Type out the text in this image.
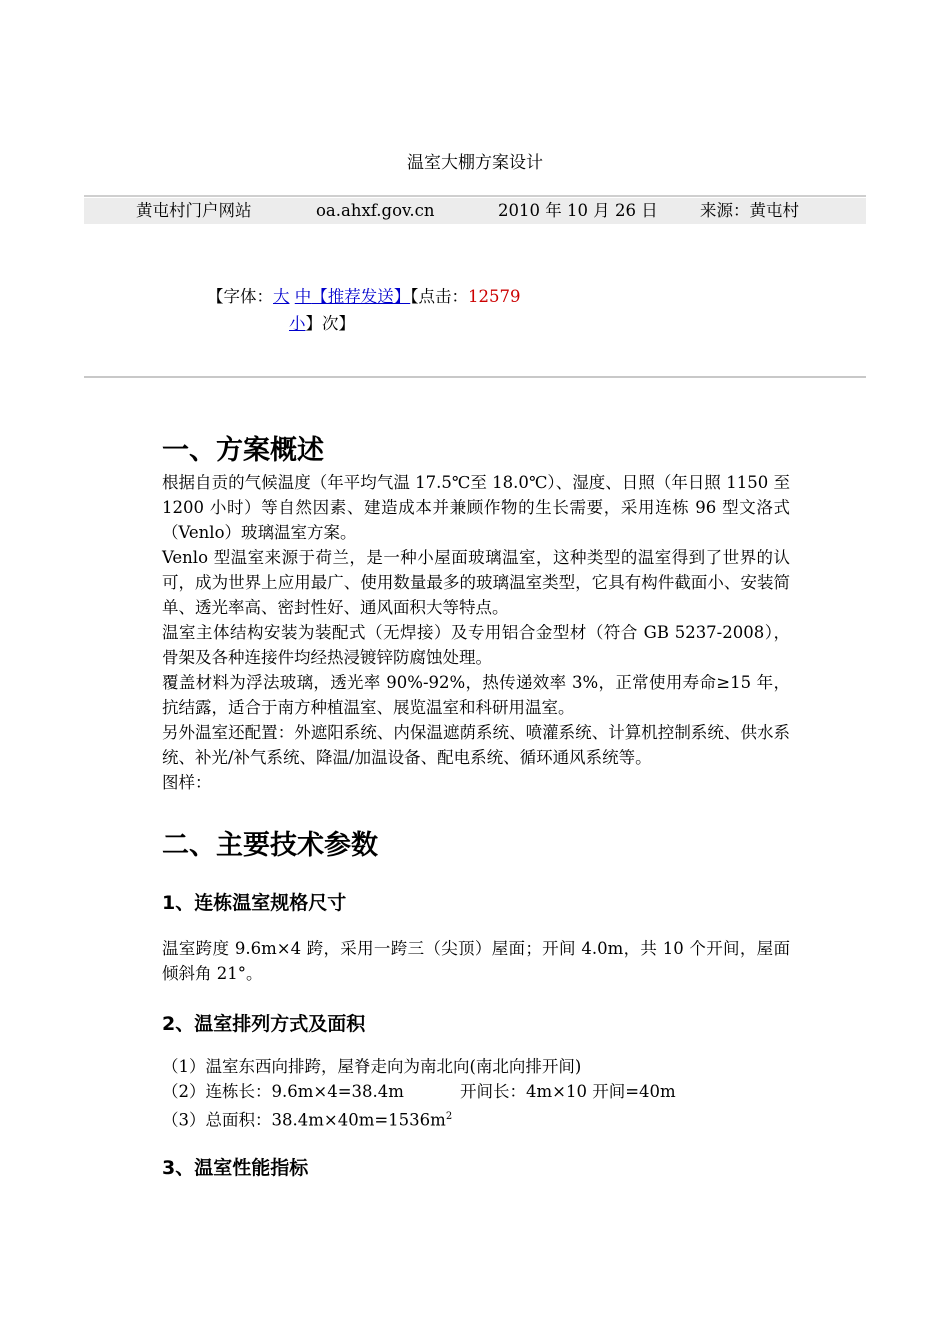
温室大棚方案设计
黄屯村门户网站	oa.ahxf.gov.cn	2010 年 10 月 26 日	来源：黄屯村
【字体：大 中【推荐发送】【点击：12579
小】次】
一、方案概述

根据自贡的气候温度（年平均气温 17.5℃至 18.0℃）、湿度、日照（年日照 1150 至 1200 小时）等自然因素、建造成本并兼顾作物的生长需要，采用连栋 96 型文洛式（Venlo）玻璃温室方案。

Venlo 型温室来源于荷兰，是一种小屋面玻璃温室，这种类型的温室得到了世界的认可，成为世界上应用最广、使用数量最多的玻璃温室类型，它具有构件截面小、安装简单、透光率高、密封性好、通风面积大等特点。

温室主体结构安装为装配式（无焊接）及专用铝合金型材（符合 GB 5237-2008），骨架及各种连接件均经热浸镀锌防腐蚀处理。

覆盖材料为浮法玻璃，透光率 90%-92%，热传递效率 3%，正常使用寿命≥15 年，抗结露，适合于南方种植温室、展览温室和科研用温室。

另外温室还配置：外遮阳系统、内保温遮荫系统、喷灌系统、计算机控制系统、供水系统、补光/补气系统、降温/加温设备、配电系统、循环通风系统等。

图样：

二、主要技术参数
1、连栋温室规格尺寸

温室跨度 9.6m×4 跨，采用一跨三（尖顶）屋面；开间 4.0m，共 10 个开间，屋面倾斜角 21°。

2、温室排列方式及面积
（1）温室东西向排跨，屋脊走向为南北向(南北向排开间)
（2）连栋长：9.6m×4=38.4m	开间长：4m×10 开间=40m
（3）总面积：$38.4m\times 40m=1536m^2$
3、温室性能指标
